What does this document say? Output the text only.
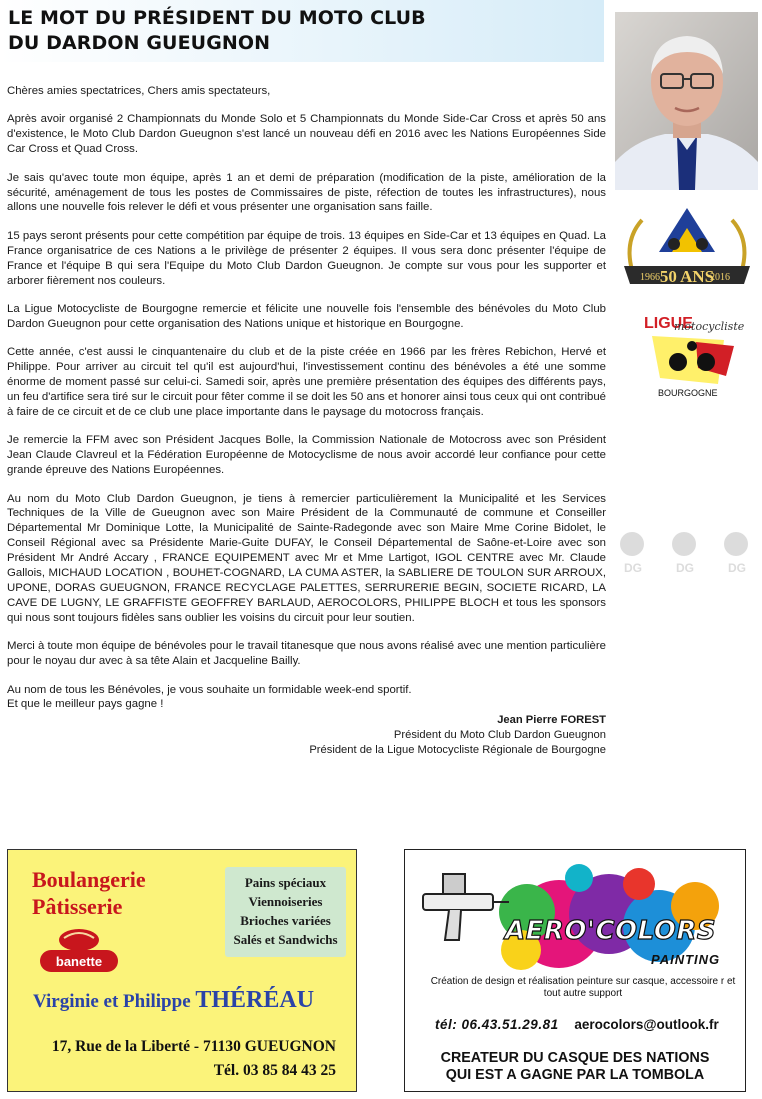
LE MOT DU PRÉSIDENT DU MOTO CLUB
DU DARDON GUEUGNON

Chères amies spectatrices, Chers amis spectateurs,

Après avoir organisé 2 Championnats du Monde Solo et 5 Championnats du Monde Side-Car Cross et après 50 ans d'existence, le Moto Club Dardon Gueugnon s'est lancé un nouveau défi en 2016 avec les Nations Européennes Side Car Cross et Quad Cross.

Je sais qu'avec toute mon équipe, après 1 an et demi de préparation (modification de la piste, amélioration de la sécurité, aménagement de tous les postes de Commissaires de piste, réfection de toutes les infrastructures), nous allons une nouvelle fois relever le défi et vous présenter une organisation sans faille.

15 pays seront présents pour cette compétition par équipe de trois. 13 équipes en Side-Car et 13 équipes en Quad. La France organisatrice de ces Nations a le privilège de présenter 2 équipes. Il vous sera donc présenter l'équipe de France et l'équipe B qui sera l'Equipe du Moto Club Dardon Gueugnon. Je compte sur vous pour les supporter et arborer fièrement nos couleurs.

La Ligue Motocycliste de Bourgogne remercie et félicite une nouvelle fois l'ensemble des bénévoles du Moto Club Dardon Gueugnon pour cette organisation des Nations unique et historique en Bourgogne.

Cette année, c'est aussi le cinquantenaire du club et de la piste créée en 1966 par les frères Rebichon, Hervé et Philippe. Pour arriver au circuit tel qu'il est aujourd'hui, l'investissement continu des bénévoles a été une somme énorme de moment passé sur celui-ci. Samedi soir, après une première présentation des équipes des différents pays, un feu d'artifice sera tiré sur le circuit pour fêter comme il se doit les 50 ans et honorer ainsi tous ceux qui ont contribué à faire de ce circuit et de ce club une place importante dans le paysage du motocross français.

Je remercie la FFM avec son Président Jacques Bolle, la Commission Nationale de Motocross avec son Président Jean Claude Clavreul et la Fédération Européenne de Motocyclisme de nous avoir accordé leur confiance pour cette grande épreuve des Nations Européennes.

Au nom du Moto Club Dardon Gueugnon, je tiens à remercier particulièrement la Municipalité et les Services Techniques de la Ville de Gueugnon avec son Maire Président de la Communauté de commune et Conseiller Départemental Mr Dominique Lotte, la Municipalité de Sainte-Radegonde avec son Maire Mme Corine Bidolet, le Conseil Régional avec sa Présidente Marie-Guite DUFAY, le Conseil Départemental de Saône-et-Loire avec son Président Mr André Accary , FRANCE EQUIPEMENT avec Mr et Mme Lartigot, IGOL CENTRE avec Mr. Claude Gallois, MICHAUD LOCATION , BOUHET-COGNARD, LA CUMA ASTER, la SABLIERE DE TOULON SUR ARROUX, UPONE, DORAS GUEUGNON, FRANCE RECYCLAGE PALETTES, SERRURERIE BEGIN, SOCIETE RICARD, LA CAVE DE LUGNY, LE GRAFFISTE GEOFFREY BARLAUD, AEROCOLORS, PHILIPPE BLOCH et tous les sponsors qui nous sont toujours fidèles sans oublier les voisins du circuit pour leur soutien.

Merci à toute mon équipe de bénévoles pour le travail titanesque que nous avons réalisé avec une mention particulière pour le noyau dur avec à sa tête Alain et Jacqueline Bailly.

Au nom de tous les Bénévoles, je vous souhaite un formidable week-end sportif.
Et que le meilleur pays gagne !

Jean Pierre FOREST
Président du Moto Club Dardon Gueugnon
Président de la Ligue Motocycliste Régionale de Bourgogne
1966 50 ANS
2016
LIGUE
motocycliste
BOURGOGNE
DG	DG	DG
Boulangerie
Pâtisserie
Pains spéciaux
Viennoiseries
Brioches variées
Salés et Sandwichs
banette
Virginie et Philippe THÉRÉAU
17, Rue de la Liberté - 71130 GUEUGNON
Tél. 03 85 84 43 25
AERO'COLORS
PAINTING
Création de design et réalisation peinture sur casque, accessoire r et tout autre support
tél: 06.43.51.29.81 aerocolors@outlook.fr
CREATEUR DU CASQUE DES NATIONS
QUI EST A GAGNE PAR LA TOMBOLA
